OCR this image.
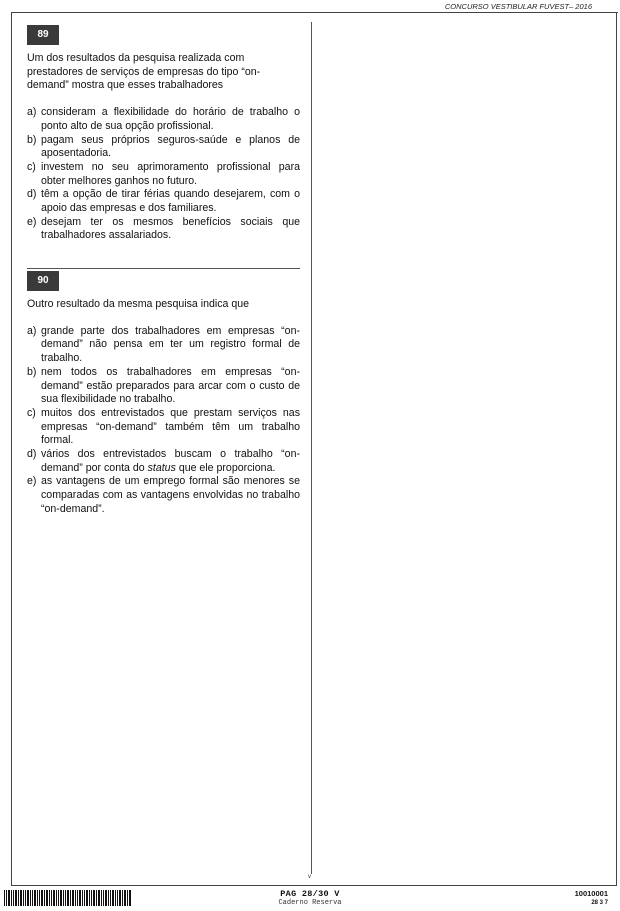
CONCURSO VESTIBULAR FUVEST– 2016
v
89

Um dos resultados da pesquisa realizada com prestadores de serviços de empresas do tipo “on-demand” mostra que esses trabalhadores

a) consideram a flexibilidade do horário de trabalho o ponto alto de sua opção profissional.
b) pagam seus próprios seguros-saúde e planos de aposentadoria.
c) investem no seu aprimoramento profissional para obter melhores ganhos no futuro.
d) têm a opção de tirar férias quando desejarem, com o apoio das empresas e dos familiares.
e) desejam ter os mesmos benefícios sociais que trabalhadores assalariados.
90

Outro resultado da mesma pesquisa indica que

a) grande parte dos trabalhadores em empresas “on-demand” não pensa em ter um registro formal de trabalho.
b) nem todos os trabalhadores em empresas “on-demand” estão preparados para arcar com o custo de sua flexibilidade no trabalho.
c) muitos dos entrevistados que prestam serviços nas empresas “on-demand” também têm um trabalho formal.
d) vários dos entrevistados buscam o trabalho “on-demand” por conta do status que ele proporciona.
e) as vantagens de um emprego formal são menores se comparadas com as vantagens envolvidas no trabalho “on-demand”.
PAG 28/30 V
Caderno Reserva
10010001
28 3 7
